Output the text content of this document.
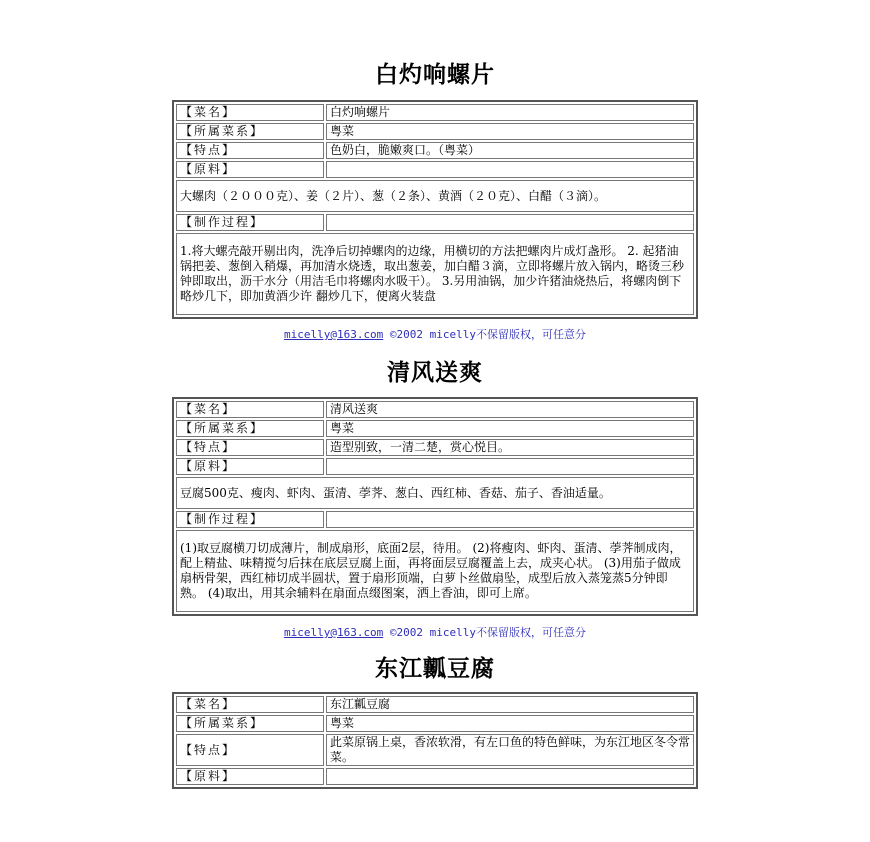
白灼响螺片
【菜名】	白灼响螺片
【所属菜系】	粤菜
【特点】	色奶白，脆嫩爽口。（粤菜）
【原料】	
大螺肉（２０００克）、姜（２片）、葱（２条）、黄酒（２０克）、白醋（３滴）。	
【制作过程】	
1.将大螺壳敲开剔出肉，洗净后切掉螺肉的边缘，用横切的方法把螺肉片成灯盏形。 2. 起猪油锅把姜、葱倒入稍爆，再加清水烧透，取出葱姜，加白醋３滴，立即将螺片放入锅内，略烫三秒钟即取出，沥干水分（用洁毛巾将螺肉水吸干）。 3.另用油锅，加少许猪油烧热后，将螺肉倒下略炒几下，即加黄酒少许 翻炒几下，便离火装盘	
micelly@163.com ©2002 micelly不保留版权，可任意分
清风送爽
【菜名】	清风送爽
【所属菜系】	粤菜
【特点】	造型别致，一清二楚，赏心悦目。
【原料】	
豆腐500克、瘦肉、虾肉、蛋清、荸荠、葱白、西红柿、香菇、茄子、香油适量。	
【制作过程】	
(1)取豆腐横刀切成薄片，制成扇形，底面2层，待用。 (2)将瘦肉、虾肉、蛋清、荸荠制成肉，配上精盐、味精搅匀后抹在底层豆腐上面，再将面层豆腐覆盖上去，成夹心状。 (3)用茄子做成扇柄骨架，西红柿切成半圆状，置于扇形顶端，白萝卜丝做扇坠，成型后放入蒸笼蒸5分钟即熟。 (4)取出，用其余辅料在扇面点缀图案，洒上香油，即可上席。	
micelly@163.com ©2002 micelly不保留版权，可任意分
东江瓤豆腐
【菜名】	东江瓤豆腐
【所属菜系】	粤菜
【特点】	此菜原锅上桌，香浓软滑，有左口鱼的特色鲜味，为东江地区冬令常菜。
【原料】	
